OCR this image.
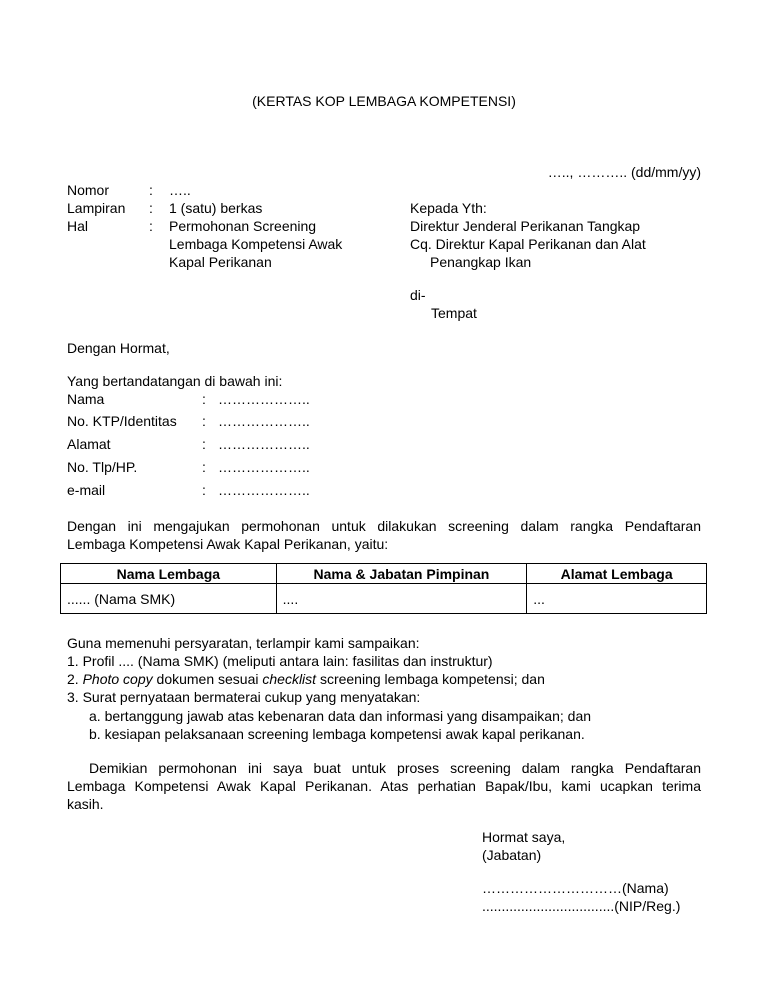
(KERTAS KOP LEMBAGA KOMPETENSI)
….., ……….. (dd/mm/yy)
Nomor	: …..
Lampiran : 1 (satu) berkas
Hal	: Permohonan Screening
Lembaga Kompetensi Awak
Kapal Perikanan
Kepada Yth:
Direktur Jenderal Perikanan Tangkap
Cq. Direktur Kapal Perikanan dan Alat
Penangkap Ikan
di-
Tempat
Dengan Hormat,
Yang bertandatangan di bawah ini:
Nama	: ………………..
No. KTP/Identitas : ………………..
Alamat	: ………………..
No. Tlp/HP.	: ………………..
e-mail	: ………………..
Dengan ini mengajukan permohonan untuk dilakukan screening dalam rangka Pendaftaran
Lembaga Kompetensi Awak Kapal Perikanan, yaitu:
Nama Lembaga	Nama & Jabatan Pimpinan	Alamat Lembaga
...... (Nama SMK)	....	...
Guna memenuhi persyaratan, terlampir kami sampaikan:
1. Profil .... (Nama SMK) (meliputi antara lain: fasilitas dan instruktur)
2. Photo copy dokumen sesuai checklist screening lembaga kompetensi; dan
3. Surat pernyataan bermaterai cukup yang menyatakan:
a. bertanggung jawab atas kebenaran data dan informasi yang disampaikan; dan
b. kesiapan pelaksanaan screening lembaga kompetensi awak kapal perikanan.
Demikian permohonan ini saya buat untuk proses screening dalam rangka Pendaftaran
Lembaga Kompetensi Awak Kapal Perikanan. Atas perhatian Bapak/Ibu, kami ucapkan terima
kasih.
Hormat saya,
(Jabatan)
…………………………(Nama)
..................................(NIP/Reg.)
